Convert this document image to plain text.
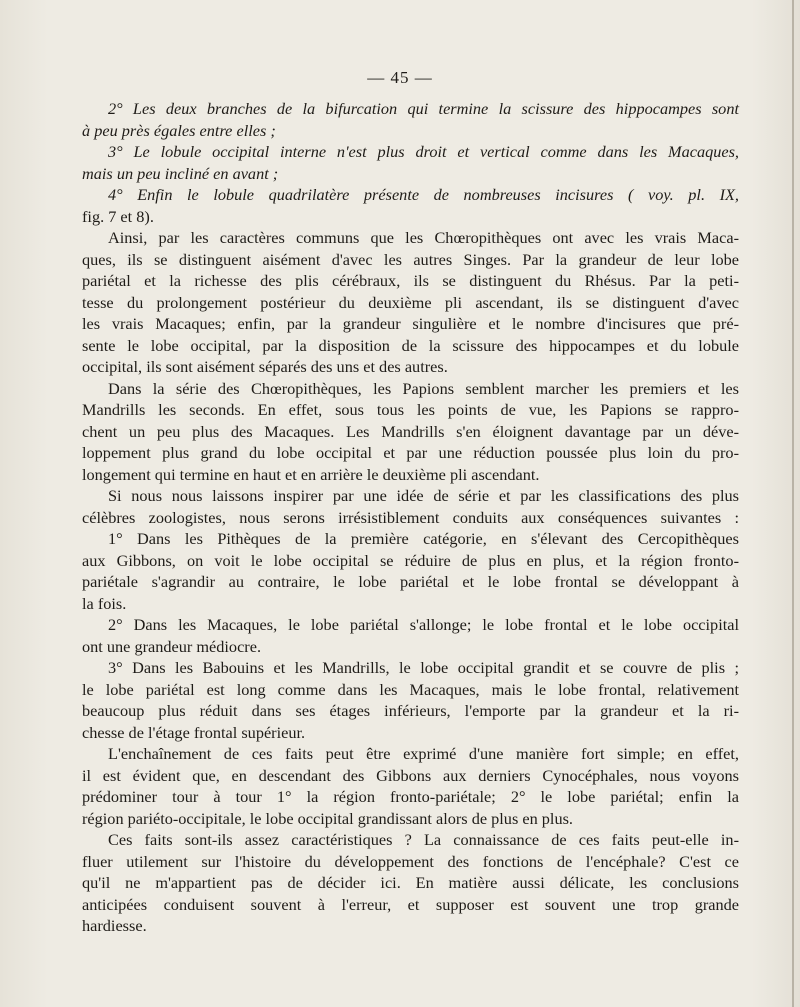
— 45 —
2° Les deux branches de la bifurcation qui termine la scissure des hippocampes sont
à peu près égales entre elles ;
3° Le lobule occipital interne n'est plus droit et vertical comme dans les Macaques,
mais un peu incliné en avant ;
4° Enfin le lobule quadrilatère présente de nombreuses incisures ( voy. pl. IX,
fig. 7 et 8).
Ainsi, par les caractères communs que les Chœropithèques ont avec les vrais Maca-
ques, ils se distinguent aisément d'avec les autres Singes. Par la grandeur de leur lobe
pariétal et la richesse des plis cérébraux, ils se distinguent du Rhésus. Par la peti-
tesse du prolongement postérieur du deuxième pli ascendant, ils se distinguent d'avec
les vrais Macaques; enfin, par la grandeur singulière et le nombre d'incisures que pré-
sente le lobe occipital, par la disposition de la scissure des hippocampes et du lobule
occipital, ils sont aisément séparés des uns et des autres.
Dans la série des Chœropithèques, les Papions semblent marcher les premiers et les
Mandrills les seconds. En effet, sous tous les points de vue, les Papions se rappro-
chent un peu plus des Macaques. Les Mandrills s'en éloignent davantage par un déve-
loppement plus grand du lobe occipital et par une réduction poussée plus loin du pro-
longement qui termine en haut et en arrière le deuxième pli ascendant.
Si nous nous laissons inspirer par une idée de série et par les classifications des plus
célèbres zoologistes, nous serons irrésistiblement conduits aux conséquences suivantes :
1° Dans les Pithèques de la première catégorie, en s'élevant des Cercopithèques
aux Gibbons, on voit le lobe occipital se réduire de plus en plus, et la région fronto-
pariétale s'agrandir au contraire, le lobe pariétal et le lobe frontal se développant à
la fois.
2° Dans les Macaques, le lobe pariétal s'allonge; le lobe frontal et le lobe occipital
ont une grandeur médiocre.
3° Dans les Babouins et les Mandrills, le lobe occipital grandit et se couvre de plis ;
le lobe pariétal est long comme dans les Macaques, mais le lobe frontal, relativement
beaucoup plus réduit dans ses étages inférieurs, l'emporte par la grandeur et la ri-
chesse de l'étage frontal supérieur.
L'enchaînement de ces faits peut être exprimé d'une manière fort simple; en effet,
il est évident que, en descendant des Gibbons aux derniers Cynocéphales, nous voyons
prédominer tour à tour 1° la région fronto-pariétale; 2° le lobe pariétal; enfin la
région pariéto-occipitale, le lobe occipital grandissant alors de plus en plus.
Ces faits sont-ils assez caractéristiques ? La connaissance de ces faits peut-elle in-
fluer utilement sur l'histoire du développement des fonctions de l'encéphale? C'est ce
qu'il ne m'appartient pas de décider ici. En matière aussi délicate, les conclusions
anticipées conduisent souvent à l'erreur, et supposer est souvent une trop grande
hardiesse.
